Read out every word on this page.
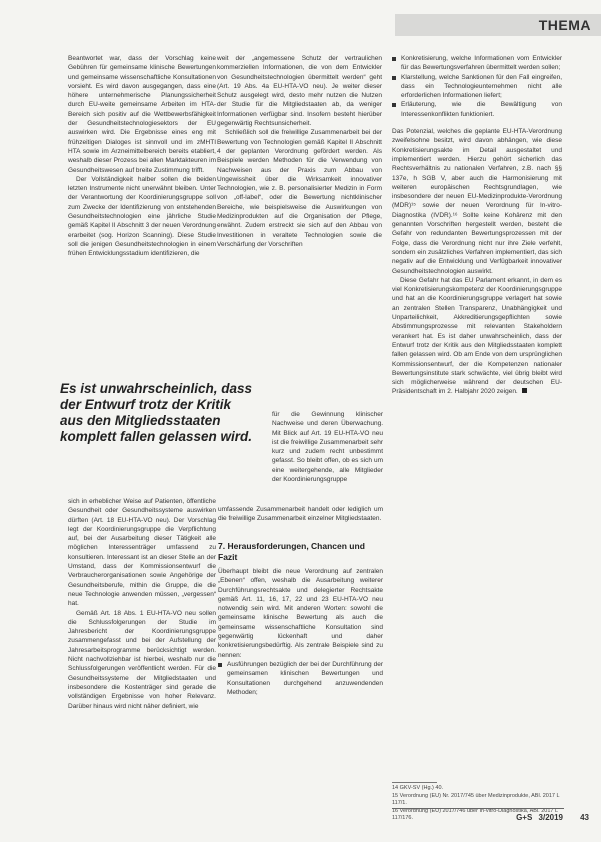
THEMA

Beantwortet war, dass der Vorschlag keine Gebühren für gemeinsame klinische Bewertungen und gemeinsame wissenschaftliche Konsultationen vorsieht. Es wird davon ausgegangen, dass eine höhere unternehmerische Planungssicherheit durch EU-weite gemeinsame Arbeiten im HTA-Bereich sich positiv auf die Wettbewerbsfähigkeit der Gesundheitstechnologiesektors der EU auswirken wird. Die Ergebnisse eines eng mit frühzeitigen Dialoges ist sinnvoll und im zMHTI HTA sowie im Arzneimittelbereich bereits etabliert, weshalb dieser Prozess bei allen Marktakteuren im Gesundheitswesen auf breite Zustimmung trifft.

Der Vollständigkeit halber sollen die beiden letzten Instrumente nicht unerwähnt bleiben. Unter der Verantwortung der Koordinierungsgruppe soll zum Zwecke der Identifizierung von entstehenden Gesundheitstechnologien eine jährliche Studie gemäß Kapitel II Abschnitt 3 der neuen Verordnung erarbeitet (sog. Horizon Scanning). Diese Studie soll die jenigen Gesundheitstechnologien in einem frühen Entwicklungsstadium identifizieren, die

Es ist unwahrscheinlich, dass der Entwurf trotz der Kritik aus den Mitgliedsstaaten komplett fallen gelassen wird.

sich in erheblicher Weise auf Patienten, öffentliche Gesundheit oder Gesundheitssysteme auswirken dürften (Art. 18 EU-HTA-VO neu). Der Vorschlag legt der Koordinierungsgruppe die Verpflichtung auf, bei der Ausarbeitung dieser Tätigkeit alle möglichen Interessenträger umfassend zu konsultieren. Interessant ist an dieser Stelle an der Umstand, dass der Kommissionsentwurf die Verbraucherorganisationen sowie Angehörige der Gesundheitsberufe, mithin die Gruppe, die die neue Technologie anwenden müssen, „vergessen“ hat.

Gemäß Art. 18 Abs. 1 EU-HTA-VO neu sollen die Schlussfolgerungen der Studie im Jahresbericht der Koordinierungsgruppe zusammengefasst und bei der Aufstellung der Jahresarbeitsprogramme berücksichtigt werden. Nicht nachvollziehbar ist hierbei, weshalb nur die Schlussfolgerungen veröffentlicht werden. Für die Gesundheitssysteme der Mitgliedstaaten und insbesondere die Kostenträger sind gerade die vollständigen Ergebnisse von hoher Relevanz. Darüber hinaus wird nicht näher definiert, wie

weit der „angemessene Schutz der vertraulichen kommerziellen Informationen, die von dem Entwickler von Gesundheitstechnologien übermittelt werden“ geht (Art. 19 Abs. 4a EU-HTA-VO neu). Je weiter dieser Schutz ausgelegt wird, desto mehr nutzen die Nutzen der Studie für die Mitgliedstaaten ab, da weniger Informationen verfügbar sind. Insofern besteht hierüber gegenwärtig Rechtsunsicherheit.

Schließlich soll die freiwillige Zusammenarbeit bei der Bewertung von Technologien gemäß Kapitel II Abschnitt 4 der geplanten Verordnung gefördert werden. Als Beispiele werden Methoden für die Verwendung von Nachweisen aus der Praxis zum Abbau von Ungewissheit über die Wirksamkeit innovativer Technologien, wie z. B. personalisierter Medizin in Form von „off-label“, oder die Bewertung nichtklinischer Bereiche, wie beispielsweise die Auswirkungen von Medizinprodukten auf die Organisation der Pflege, erwähnt. Zudem erstreckt sie sich auf den Abbau von Investitionen in veraltete Technologien sowie die Verschärfung der Vorschriften

für die Gewinnung klinischer Nachweise und deren Überwachung. Mit Blick auf Art. 19 EU-HTA-VO neu ist die freiwillige Zusammenarbeit sehr kurz und zudem recht unbestimmt gefasst. So bleibt offen, ob es sich um eine weitergehende, alle Mitglieder der Koordinierungsgruppe

umfassende Zusammenarbeit handelt oder lediglich um die freiwillige Zusammenarbeit einzelner Mitgliedstaaten.

7. Herausforderungen, Chancen und Fazit

Überhaupt bleibt die neue Verordnung auf zentralen „Ebenen“ offen, weshalb die Ausarbeitung weiterer Durchführungsrechtsakte und delegierter Rechtsakte gemäß Art. 11, 16, 17, 22 und 23 EU-HTA-VO neu notwendig sein wird. Mit anderen Worten: sowohl die gemeinsame klinische Bewertung als auch die gemeinsame wissenschaftliche Konsultation sind gegenwärtig lückenhaft und daher konkretisierungsbedürftig. Als zentrale Beispiele sind zu nennen:

Ausführungen bezüglich der bei der Durchführung der gemeinsamen klinischen Bewertungen und Konsultationen durchgehend anzuwendenden Methoden;
Konkretisierung, welche Informationen vom Entwickler für das Bewertungsverfahren übermittelt werden sollen;
Klarstellung, welche Sanktionen für den Fall eingreifen, dass ein Technologieunternehmen nicht alle erforderlichen Informationen liefert;
Erläuterung, wie die Bewältigung von Interessenkonflikten funktioniert.

Das Potenzial, welches die geplante EU-HTA-Verordnung zweifelsohne besitzt, wird davon abhängen, wie diese Konkretisierungsakte im Detail ausgestaltet und implementiert werden. Hierzu gehört sicherlich das Rechtsverhältnis zu nationalen Verfahren, z.B. nach §§ 137e, h SGB V, aber auch die Harmonisierung mit weiteren europäischen Rechtsgrundlagen, wie insbesondere der neuen EU-Medizinprodukte-Verordnung (MDR)¹⁵ sowie der neuen Verordnung für In-vitro-Diagnostika (IVDR).¹⁶ Sollte keine Kohärenz mit den genannten Vorschriften hergestellt werden, besteht die Gefahr von redundanten Bewertungsprozessen mit der Folge, dass die Verordnung nicht nur ihre Ziele verfehlt, sondern ein zusätzliches Verfahren implementiert, das sich negativ auf die Entwicklung und Verfügbarkeit innovativer Gesundheitstechnologien auswirkt.

Diese Gefahr hat das EU Parlament erkannt, in dem es viel Konkretisierungskompetenz der Koordinierungsgruppe und hat an die Koordinierungsgruppe verlagert hat sowie an zentralen Stellen Transparenz, Unabhängigkeit und Unparteilichkeit, Akkreditierungsgepflichten sowie Abstimmungsprozesse mit relevanten Stakeholdern verankert hat. Es ist daher unwahrscheinlich, dass der Entwurf trotz der Kritik aus den Mitgliedsstaaten komplett fallen gelassen wird. Ob am Ende von dem ursprünglichen Kommissionsentwurf, der die Kompetenzen nationaler Bewertungsinstitute stark schwächte, viel übrig bleibt wird sich möglicherweise während der deutschen EU-Präsidentschaft im 2. Halbjahr 2020 zeigen.

14 GKV-SV (Hg.) 40.
15 Verordnung (EU) Nr. 2017/745 über Medizinprodukte, ABl. 2017 L 117/1.
16 Verordnung (EU) 2017/746 über In-vitro-Diagnostika, ABl. 2017 L 117/176.	G+S 3/2019 43
